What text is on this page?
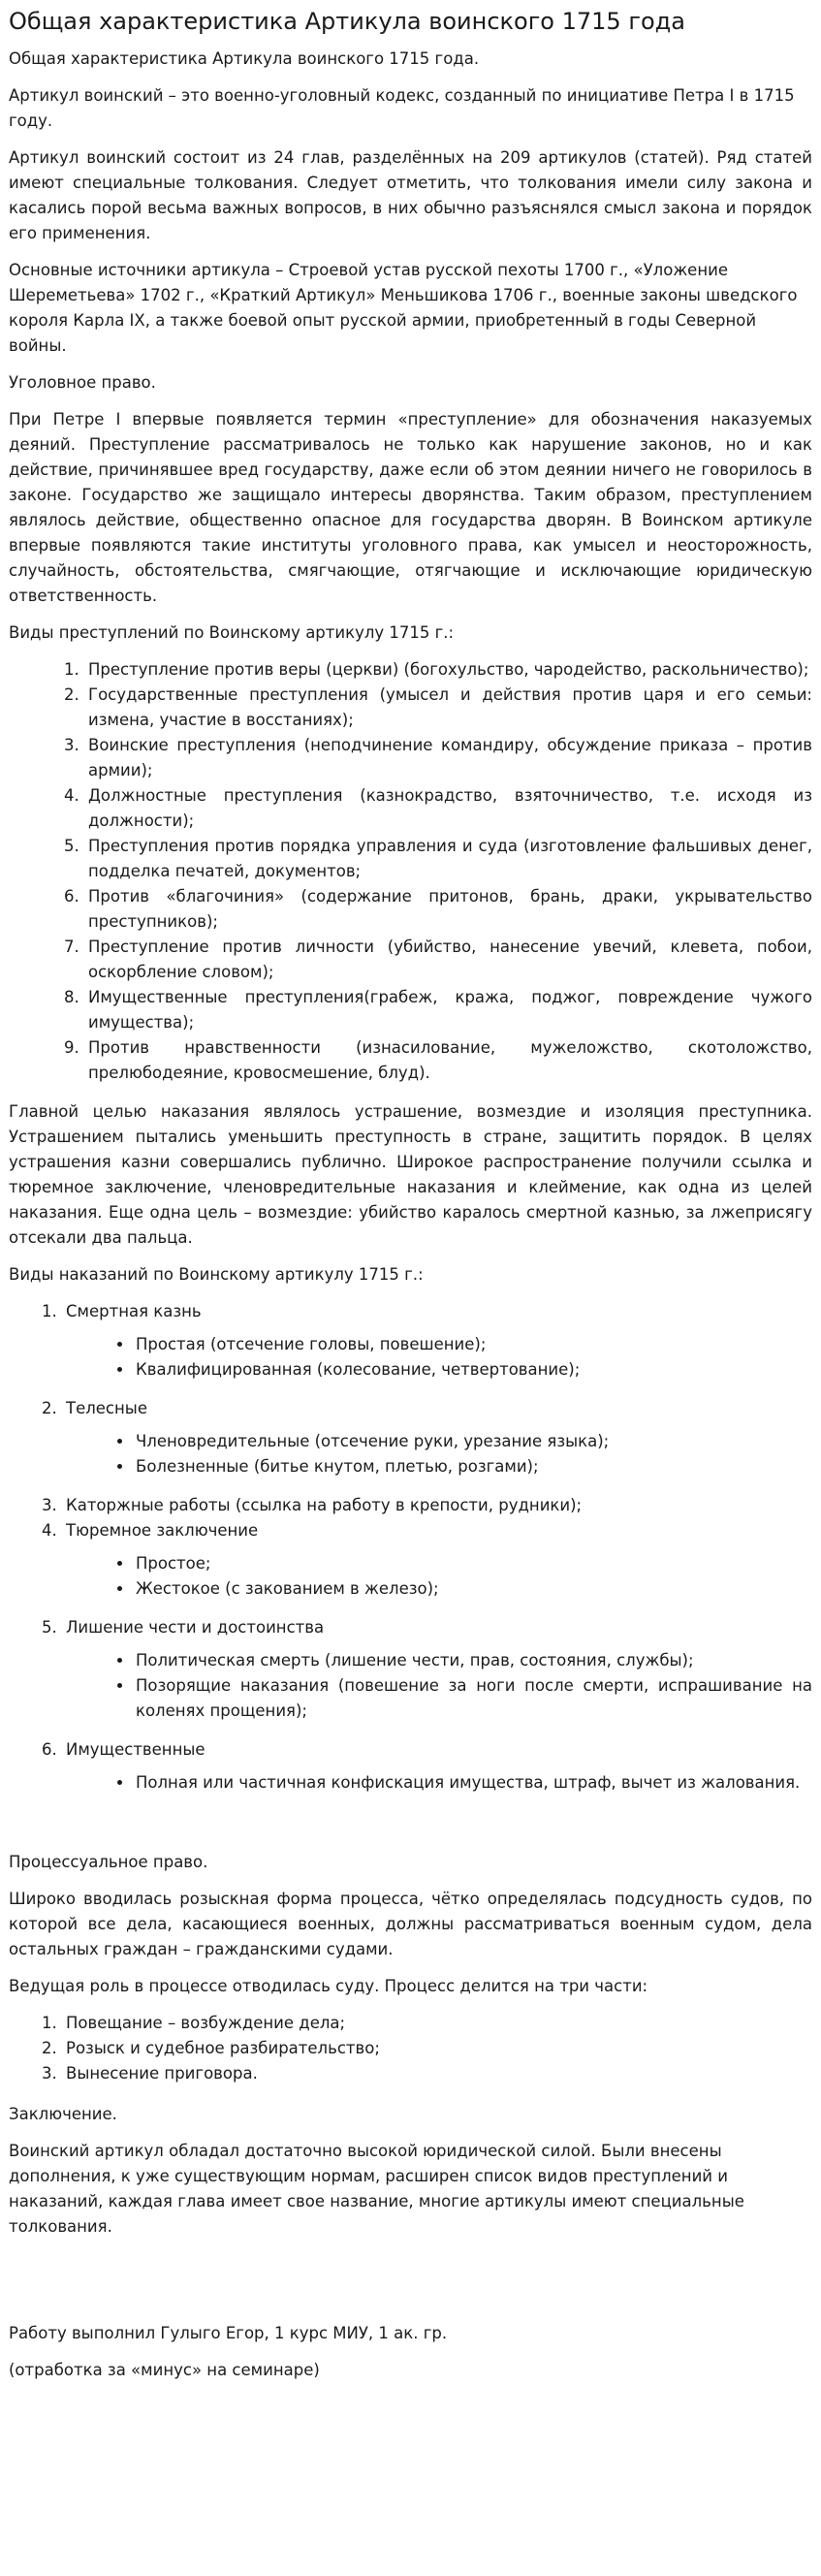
Общая характеристика Артикула воинского 1715 года

Общая характеристика Артикула воинского 1715 года.

Артикул воинский – это военно-уголовный кодекс, созданный по инициативе Петра I в 1715 году.

Артикул воинский состоит из 24 глав, разделённых на 209 артикулов (статей). Ряд статей имеют специальные толкования. Следует отметить, что толкования имели силу закона и касались порой весьма важных вопросов, в них обычно разъяснялся смысл закона и порядок его применения.

Основные источники артикула – Строевой устав русской пехоты 1700 г., «Уложение Шереметьева» 1702 г., «Краткий Артикул» Меньшикова 1706 г., военные законы шведского короля Карла IX, а также боевой опыт русской армии, приобретенный в годы Северной войны.

Уголовное право.

При Петре I впервые появляется термин «преступление» для обозначения наказуемых деяний. Преступление рассматривалось не только как нарушение законов, но и как действие, причинявшее вред государству, даже если об этом деянии ничего не говорилось в законе. Государство же защищало интересы дворянства. Таким образом, преступлением являлось действие, общественно опасное для государства дворян. В Воинском артикуле впервые появляются такие институты уголовного права, как умысел и неосторожность, случайность, обстоятельства, смягчающие, отягчающие и исключающие юридическую ответственность.

Виды преступлений по Воинскому артикулу 1715 г.:

1. Преступление против веры (церкви) (богохульство, чародейство, раскольничество);
2. Государственные преступления (умысел и действия против царя и его семьи: измена, участие в восстаниях);
3. Воинские преступления (неподчинение командиру, обсуждение приказа – против армии);
4. Должностные преступления (казнокрадство, взяточничество, т.е. исходя из должности);
5. Преступления против порядка управления и суда (изготовление фальшивых денег, подделка печатей, документов;
6. Против «благочиния» (содержание притонов, брань, драки, укрывательство преступников);
7. Преступление против личности (убийство, нанесение увечий, клевета, побои, оскорбление словом);
8. Имущественные преступления(грабеж, кража, поджог, повреждение чужого имущества);
9. Против нравственности (изнасилование, мужеложство, скотоложство, прелюбодеяние, кровосмешение, блуд).

Главной целью наказания являлось устрашение, возмездие и изоляция преступника. Устрашением пытались уменьшить преступность в стране, защитить порядок. В целях устрашения казни совершались публично. Широкое распространение получили ссылка и тюремное заключение, членовредительные наказания и клеймение, как одна из целей наказания. Еще одна цель – возмездие: убийство каралось смертной казнью, за лжеприсягу отсекали два пальца.

Виды наказаний по Воинскому артикулу 1715 г.:

1. Смертная казнь
• Простая (отсечение головы, повешение);
• Квалифицированная (колесование, четвертование);
2. Телесные
• Членовредительные (отсечение руки, урезание языка);
• Болезненные (битье кнутом, плетью, розгами);
3. Каторжные работы (ссылка на работу в крепости, рудники);
4. Тюремное заключение
• Простое;
• Жестокое (с закованием в железо);
5. Лишение чести и достоинства
• Политическая смерть (лишение чести, прав, состояния, службы);
• Позорящие наказания (повешение за ноги после смерти, испрашивание на коленях прощения);
6. Имущественные
• Полная или частичная конфискация имущества, штраф, вычет из жалования.

Процессуальное право.

Широко вводилась розыскная форма процесса, чётко определялась подсудность судов, по которой все дела, касающиеся военных, должны рассматриваться военным судом, дела остальных граждан – гражданскими судами.

Ведущая роль в процессе отводилась суду. Процесс делится на три части:

1. Повещание – возбуждение дела;
2. Розыск и судебное разбирательство;
3. Вынесение приговора.

Заключение.

Воинский артикул обладал достаточно высокой юридической силой. Были внесены дополнения, к уже существующим нормам, расширен список видов преступлений и наказаний, каждая глава имеет свое название, многие артикулы имеют специальные толкования.

Работу выполнил Гулыго Егор, 1 курс МИУ, 1 ак. гр.

(отработка за «минус» на семинаре)
